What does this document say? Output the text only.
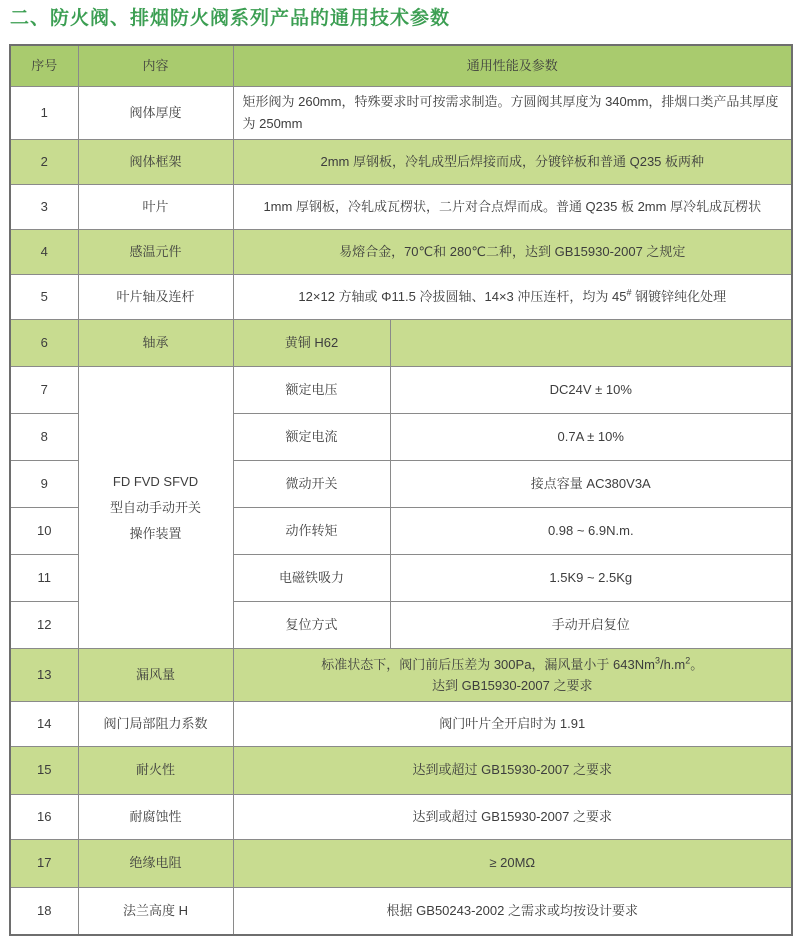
二、防火阀、排烟防火阀系列产品的通用技术参数
序号	内容	通用性能及参数	
1	阀体厚度	矩形阀为 260mm，特殊要求时可按需求制造。方圆阀其厚度为 340mm，排烟口类产品其厚度为 250mm	
2	阀体框架	2mm 厚钢板，冷轧成型后焊接而成，分镀锌板和普通 Q235 板两种	
3	叶片	1mm 厚钢板，冷轧成瓦楞状，二片对合点焊而成。普通 Q235 板 2mm 厚冷轧成瓦楞状	
4	感温元件	易熔合金，70℃和 280℃二种，达到 GB15930-2007 之规定	
5	叶片轴及连杆	12×12 方轴或 Φ11.5 冷拔圆轴、14×3 冲压连杆，均为 45# 钢镀锌纯化处理	
6	轴承	黄铜 H62	
7	FD FVD SFVD
型自动手动开关
操作装置	额定电压	DC24V ± 10%
8		额定电流	0.7A ± 10%
9		微动开关	接点容量 AC380V3A
10		动作转矩	0.98 ~ 6.9N.m.
11		电磁铁吸力	1.5K9 ~ 2.5Kg
12		复位方式	手动开启复位
13	漏风量	标准状态下，阀门前后压差为 300Pa，漏风量小于 $643Nm^3/h.m^2$。
达到 GB15930-2007 之要求	

14	阀门局部阻力系数	阀门叶片全开启时为 1.91	
15	耐火性	达到或超过 GB15930-2007 之要求	
16	耐腐蚀性	达到或超过 GB15930-2007 之要求	
17	绝缘电阻	≥ 20MΩ	
18	法兰高度 H	根据 GB50243-2002 之需求或均按设计要求	
